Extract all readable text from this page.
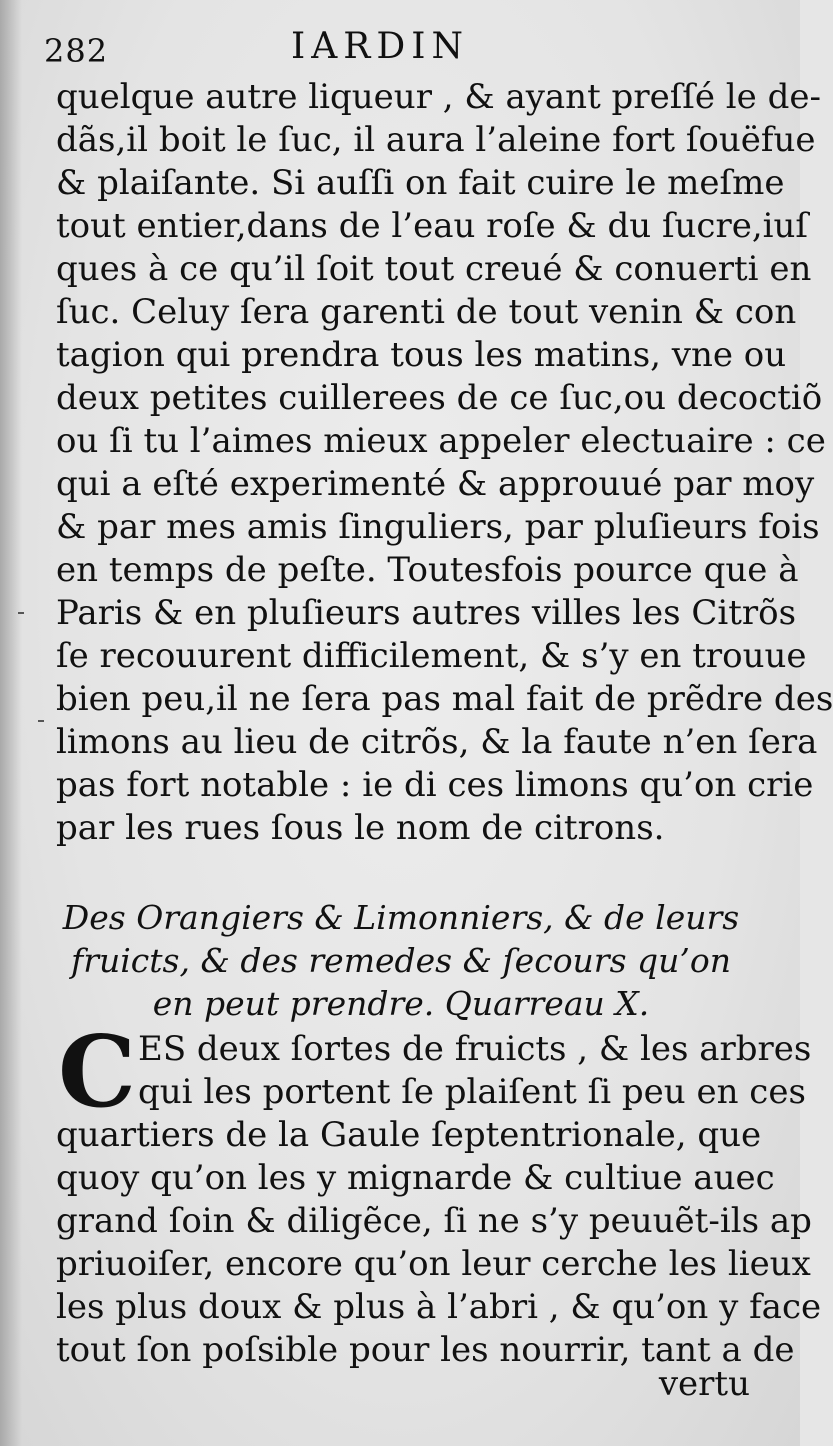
282	IARDIN
quelque autre liqueur , & ayant preſſé le de-
dãs,il boit le ſuc, il aura l’aleine fort ſouëfue
& plaiſante. Si auſſi on fait cuire le meſme
tout entier,dans de l’eau roſe & du ſucre,iuſ
ques à ce qu’il ſoit tout creué & conuerti en
ſuc. Celuy ſera garenti de tout venin & con
tagion qui prendra tous les matins, vne ou
deux petites cuillerees de ce ſuc,ou decoctiõ
ou ſi tu l’aimes mieux appeler electuaire : ce
qui a eſté experimenté & approuué par moy
& par mes amis ſinguliers, par pluſieurs fois
en temps de peſte. Toutesfois pource que à
Paris & en pluſieurs autres villes les Citrõs
ſe recouurent difficilement, & s’y en trouue
bien peu,il ne ſera pas mal fait de prẽdre des
limons au lieu de citrõs, & la faute n’en ſera
pas fort notable : ie di ces limons qu’on crie
par les rues ſous le nom de citrons.
Des Orangiers & Limonniers, & de leurs
fruicts, & des remedes & ſecours qu’on
en peut prendre. Quarreau X.
C ES deux ſortes de fruicts , & les arbres
qui les portent ſe plaiſent ſi peu en ces
quartiers de la Gaule ſeptentrionale, que
quoy qu’on les y mignarde & cultiue auec
grand ſoin & diligẽce, ſi ne s’y peuuẽt-ils ap
priuoiſer, encore qu’on leur cerche les lieux
les plus doux & plus à l’abri , & qu’on y face
tout ſon poſsible pour les nourrir, tant a de
vertu
